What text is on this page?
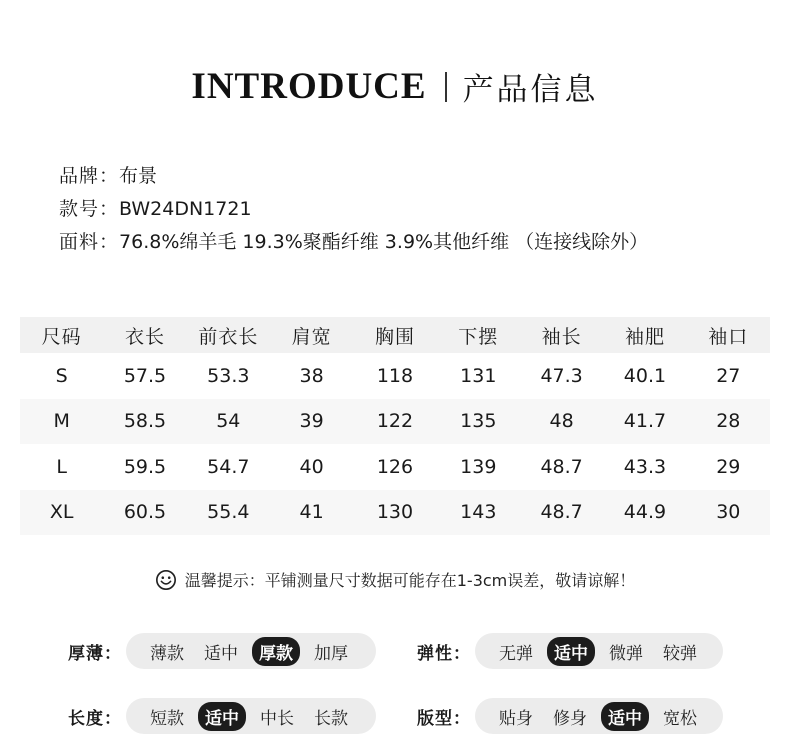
INTRODUCE 产品信息
品牌：布景
款号：BW24DN1721
面料：76.8%绵羊毛 19.3%聚酯纤维 3.9%其他纤维 （连接线除外）
尺码	衣长	前衣长	肩宽	胸围	下摆	袖长	袖肥	袖口
S	57.5	53.3	38	118	131	47.3	40.1	27
M	58.5	54	39	122	135	48	41.7	28
L	59.5	54.7	40	126	139	48.7	43.3	29
XL	60.5	55.4	41	130	143	48.7	44.9	30
温馨提示：平铺测量尺寸数据可能存在1-3cm误差，敬请谅解！
厚薄： 薄款 适中	厚款	加厚	弹性： 无弹	适中	微弹 较弹
长度： 短款	适中	中长 长款	版型： 贴身 修身	适中	宽松
